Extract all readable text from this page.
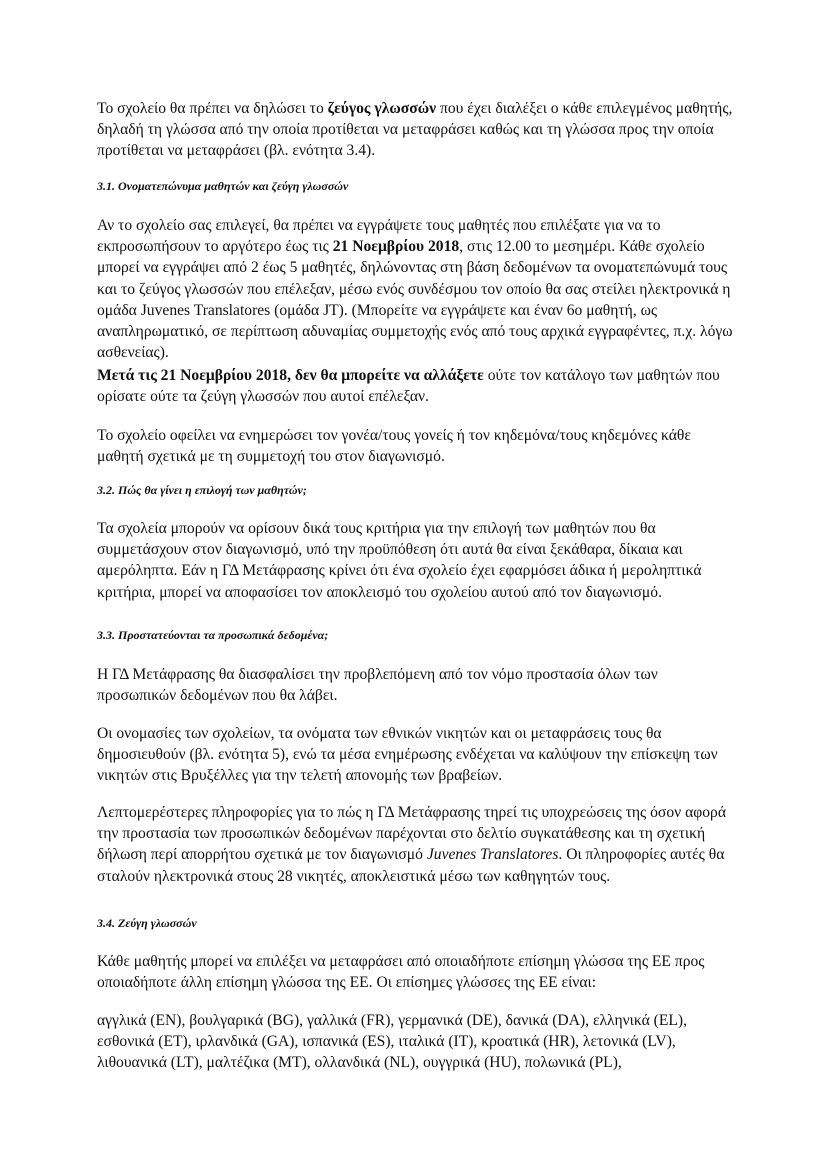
Το σχολείο θα πρέπει να δηλώσει το ζεύγος γλωσσών που έχει διαλέξει ο κάθε επιλεγμένος μαθητής, δηλαδή τη γλώσσα από την οποία προτίθεται να μεταφράσει καθώς και τη γλώσσα προς την οποία προτίθεται να μεταφράσει (βλ. ενότητα 3.4).

3.1. Ονοματεπώνυμα μαθητών και ζεύγη γλωσσών

Αν το σχολείο σας επιλεγεί, θα πρέπει να εγγράψετε τους μαθητές που επιλέξατε για να το εκπροσωπήσουν το αργότερο έως τις 21 Νοεμβρίου 2018, στις 12.00 το μεσημέρι. Κάθε σχολείο μπορεί να εγγράψει από 2 έως 5 μαθητές, δηλώνοντας στη βάση δεδομένων τα ονοματεπώνυμά τους και το ζεύγος γλωσσών που επέλεξαν, μέσω ενός συνδέσμου τον οποίο θα σας στείλει ηλεκτρονικά η ομάδα Juvenes Translatores (ομάδα JT). (Μπορείτε να εγγράψετε και έναν 6ο μαθητή, ως αναπληρωματικό, σε περίπτωση αδυναμίας συμμετοχής ενός από τους αρχικά εγγραφέντες, π.χ. λόγω ασθενείας).

Μετά τις 21 Νοεμβρίου 2018, δεν θα μπορείτε να αλλάξετε ούτε τον κατάλογο των μαθητών που ορίσατε ούτε τα ζεύγη γλωσσών που αυτοί επέλεξαν.

Το σχολείο οφείλει να ενημερώσει τον γονέα/τους γονείς ή τον κηδεμόνα/τους κηδεμόνες κάθε μαθητή σχετικά με τη συμμετοχή του στον διαγωνισμό.

3.2. Πώς θα γίνει η επιλογή των μαθητών;

Τα σχολεία μπορούν να ορίσουν δικά τους κριτήρια για την επιλογή των μαθητών που θα συμμετάσχουν στον διαγωνισμό, υπό την προϋπόθεση ότι αυτά θα είναι ξεκάθαρα, δίκαια και αμερόληπτα. Εάν η ΓΔ Μετάφρασης κρίνει ότι ένα σχολείο έχει εφαρμόσει άδικα ή μεροληπτικά κριτήρια, μπορεί να αποφασίσει τον αποκλεισμό του σχολείου αυτού από τον διαγωνισμό.

3.3. Προστατεύονται τα προσωπικά δεδομένα;

Η ΓΔ Μετάφρασης θα διασφαλίσει την προβλεπόμενη από τον νόμο προστασία όλων των προσωπικών δεδομένων που θα λάβει.

Οι ονομασίες των σχολείων, τα ονόματα των εθνικών νικητών και οι μεταφράσεις τους θα δημοσιευθούν (βλ. ενότητα 5), ενώ τα μέσα ενημέρωσης ενδέχεται να καλύψουν την επίσκεψη των νικητών στις Βρυξέλλες για την τελετή απονομής των βραβείων.

Λεπτομερέστερες πληροφορίες για το πώς η ΓΔ Μετάφρασης τηρεί τις υποχρεώσεις της όσον αφορά την προστασία των προσωπικών δεδομένων παρέχονται στο δελτίο συγκατάθεσης και τη σχετική δήλωση περί απορρήτου σχετικά με τον διαγωνισμό Juvenes Translatores. Οι πληροφορίες αυτές θα σταλούν ηλεκτρονικά στους 28 νικητές, αποκλειστικά μέσω των καθηγητών τους.

3.4. Ζεύγη γλωσσών

Κάθε μαθητής μπορεί να επιλέξει να μεταφράσει από οποιαδήποτε επίσημη γλώσσα της ΕΕ προς οποιαδήποτε άλλη επίσημη γλώσσα της ΕΕ. Οι επίσημες γλώσσες της ΕΕ είναι:

αγγλικά (EN), βουλγαρικά (BG), γαλλικά (FR), γερμανικά (DE), δανικά (DA), ελληνικά (EL), εσθονικά (ET), ιρλανδικά (GA), ισπανικά (ES), ιταλικά (IT), κροατικά (HR), λετονικά (LV), λιθουανικά (LT), μαλτέζικα (MT), ολλανδικά (NL), ουγγρικά (HU), πολωνικά (PL),
